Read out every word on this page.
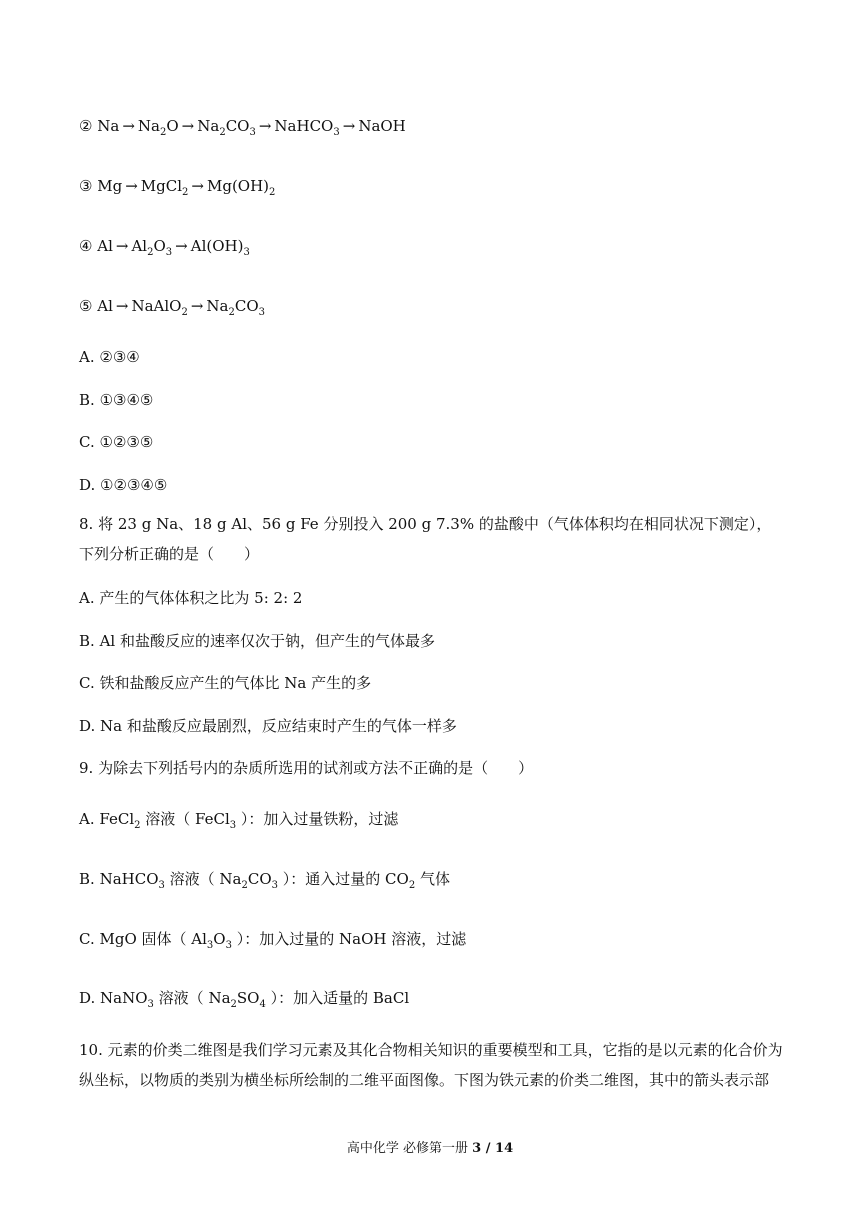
② $Na \to Na_2O \to Na_2CO_3$ → NaHCO$_3$ → NaOH
③ Mg → MgCl$_2$ → $Mg(OH)_2$
④ $Al \to Al_2O_3 \to Al(OH)_3$
⑤ Al → NaAlO$_2$ → $Na_2CO_3$
A. ②③④
B. ①③④⑤
C. ①②③⑤
D. ①②③④⑤
8. 将 23 g Na、18 g Al、56 g Fe 分别投入 200 g 7.3% 的盐酸中（气体体积均在相同状况下测定），下列分析正确的是（　　）
A. 产生的气体体积之比为 5: 2: 2
B. Al 和盐酸反应的速率仅次于钠，但产生的气体最多
C. 铁和盐酸反应产生的气体比 Na 产生的多
D. Na 和盐酸反应最剧烈，反应结束时产生的气体一样多
9. 为除去下列括号内的杂质所选用的试剂或方法不正确的是（　　）
A. FeCl$_2$ 溶液（ FeCl$_3$ ）：加入过量铁粉，过滤
B. NaHCO$_3$ 溶液（ $Na_2CO_3$ ）：通入过量的 $CO_2$ 气体
C. MgO 固体（ $Al_3O_3$ ）：加入过量的 NaOH 溶液，过滤
D. NaNO$_3$ 溶液（ $Na_2SO_4$ ）：加入适量的 BaCl
10. 元素的价类二维图是我们学习元素及其化合物相关知识的重要模型和工具，它指的是以元素的化合价为纵坐标，以物质的类别为横坐标所绘制的二维平面图像。下图为铁元素的价类二维图，其中的箭头表示部
高中化学 必修第一册 3 / 14
